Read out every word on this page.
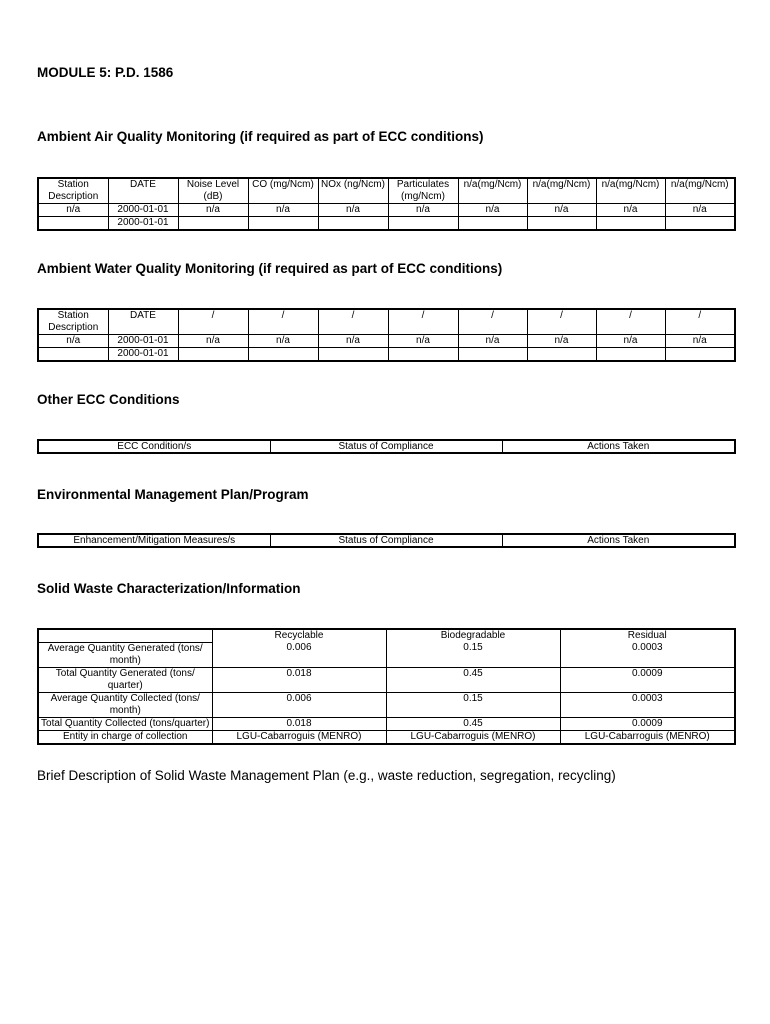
MODULE 5: P.D. 1586

Ambient Air Quality Monitoring (if required as part of ECC conditions)

Station Description	DATE	Noise Level (dB)	CO (mg/Ncm)	NOx (ng/Ncm)	Particulates (mg/Ncm)	n/a(mg/Ncm)	n/a(mg/Ncm)	n/a(mg/Ncm)	n/a(mg/Ncm)
n/a	2000-01-01	n/a	n/a	n/a	n/a	n/a	n/a	n/a	n/a
	2000-01-01								

Ambient Water Quality Monitoring (if required as part of ECC conditions)

Station Description	DATE	/	/	/	/	/	/	/	/
n/a	2000-01-01	n/a	n/a	n/a	n/a	n/a	n/a	n/a	n/a
	2000-01-01								

Other ECC Conditions

ECC Condition/s	Status of Compliance	Actions Taken

Environmental Management Plan/Program

Enhancement/Mitigation Measures/s	Status of Compliance	Actions Taken

Solid Waste Characterization/Information

	Recyclable	Biodegradable	Residual
Average Quantity Generated (tons/ month)	0.006	0.15	0.0003
Total Quantity Generated (tons/ quarter)	0.018	0.45	0.0009
Average Quantity Collected (tons/ month)	0.006	0.15	0.0003
Total Quantity Collected (tons/quarter)	0.018	0.45	0.0009
Entity in charge of collection	LGU-Cabarroguis (MENRO)	LGU-Cabarroguis (MENRO)	LGU-Cabarroguis (MENRO)

Brief Description of Solid Waste Management Plan (e.g., waste reduction, segregation, recycling)
